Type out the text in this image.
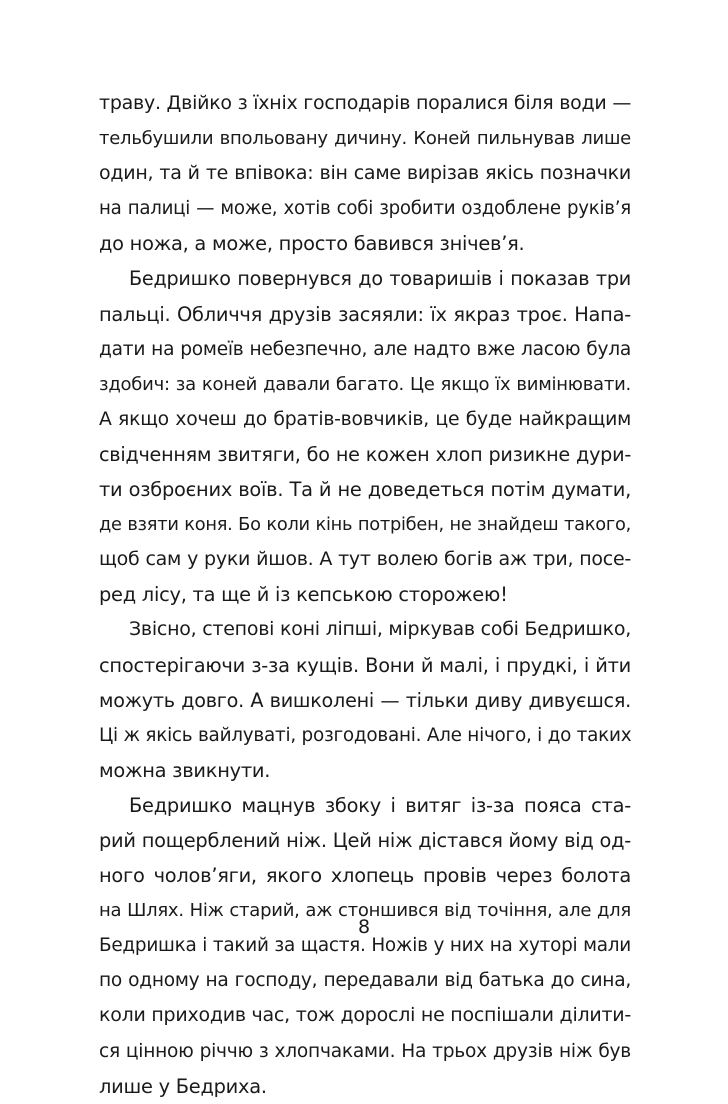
траву. Двійко з їхніх господарів поралися біля води —
тельбушили впольовану дичину. Коней пильнував лише
один, та й те впівока: він саме вирізав якісь позначки
на палиці — може, хотів собі зробити оздоблене руків’я
до ножа, а може, просто бавився знічев’я.
Бедришко повернувся до товаришів і показав три
пальці. Обличчя друзів засяяли: їх якраз троє. Напа-
дати на ромеїв небезпечно, але надто вже ласою була
здобич: за коней давали багато. Це якщо їх вимінювати.
А якщо хочеш до братів-вовчиків, це буде найкращим
свідченням звитяги, бо не кожен хлоп ризикне дури-
ти озброєних воїв. Та й не доведеться потім думати,
де взяти коня. Бо коли кінь потрібен, не знайдеш такого,
щоб сам у руки йшов. А тут волею богів аж три, посе-
ред лісу, та ще й із кепською сторожею!
Звісно, степові коні ліпші, міркував собі Бедришко,
спостерігаючи з-за кущів. Вони й малі, і прудкі, і йти
можуть довго. А вишколені — тільки диву дивуєшся.
Ці ж якісь вайлуваті, розгодовані. Але нічого, і до таких
можна звикнути.
Бедришко мацнув збоку і витяг із-за пояса ста-
рий пощерблений ніж. Цей ніж дістався йому від од-
ного чолов’яги, якого хлопець провів через болота
на Шлях. Ніж старий, аж стоншився від точіння, але для
Бедришка і такий за щастя. Ножів у них на хуторі мали
по одному на господу, передавали від батька до сина,
коли приходив час, тож дорослі не поспішали ділити-
ся цінною річчю з хлопчаками. На трьох друзів ніж був
лише у Бедриха.
8
